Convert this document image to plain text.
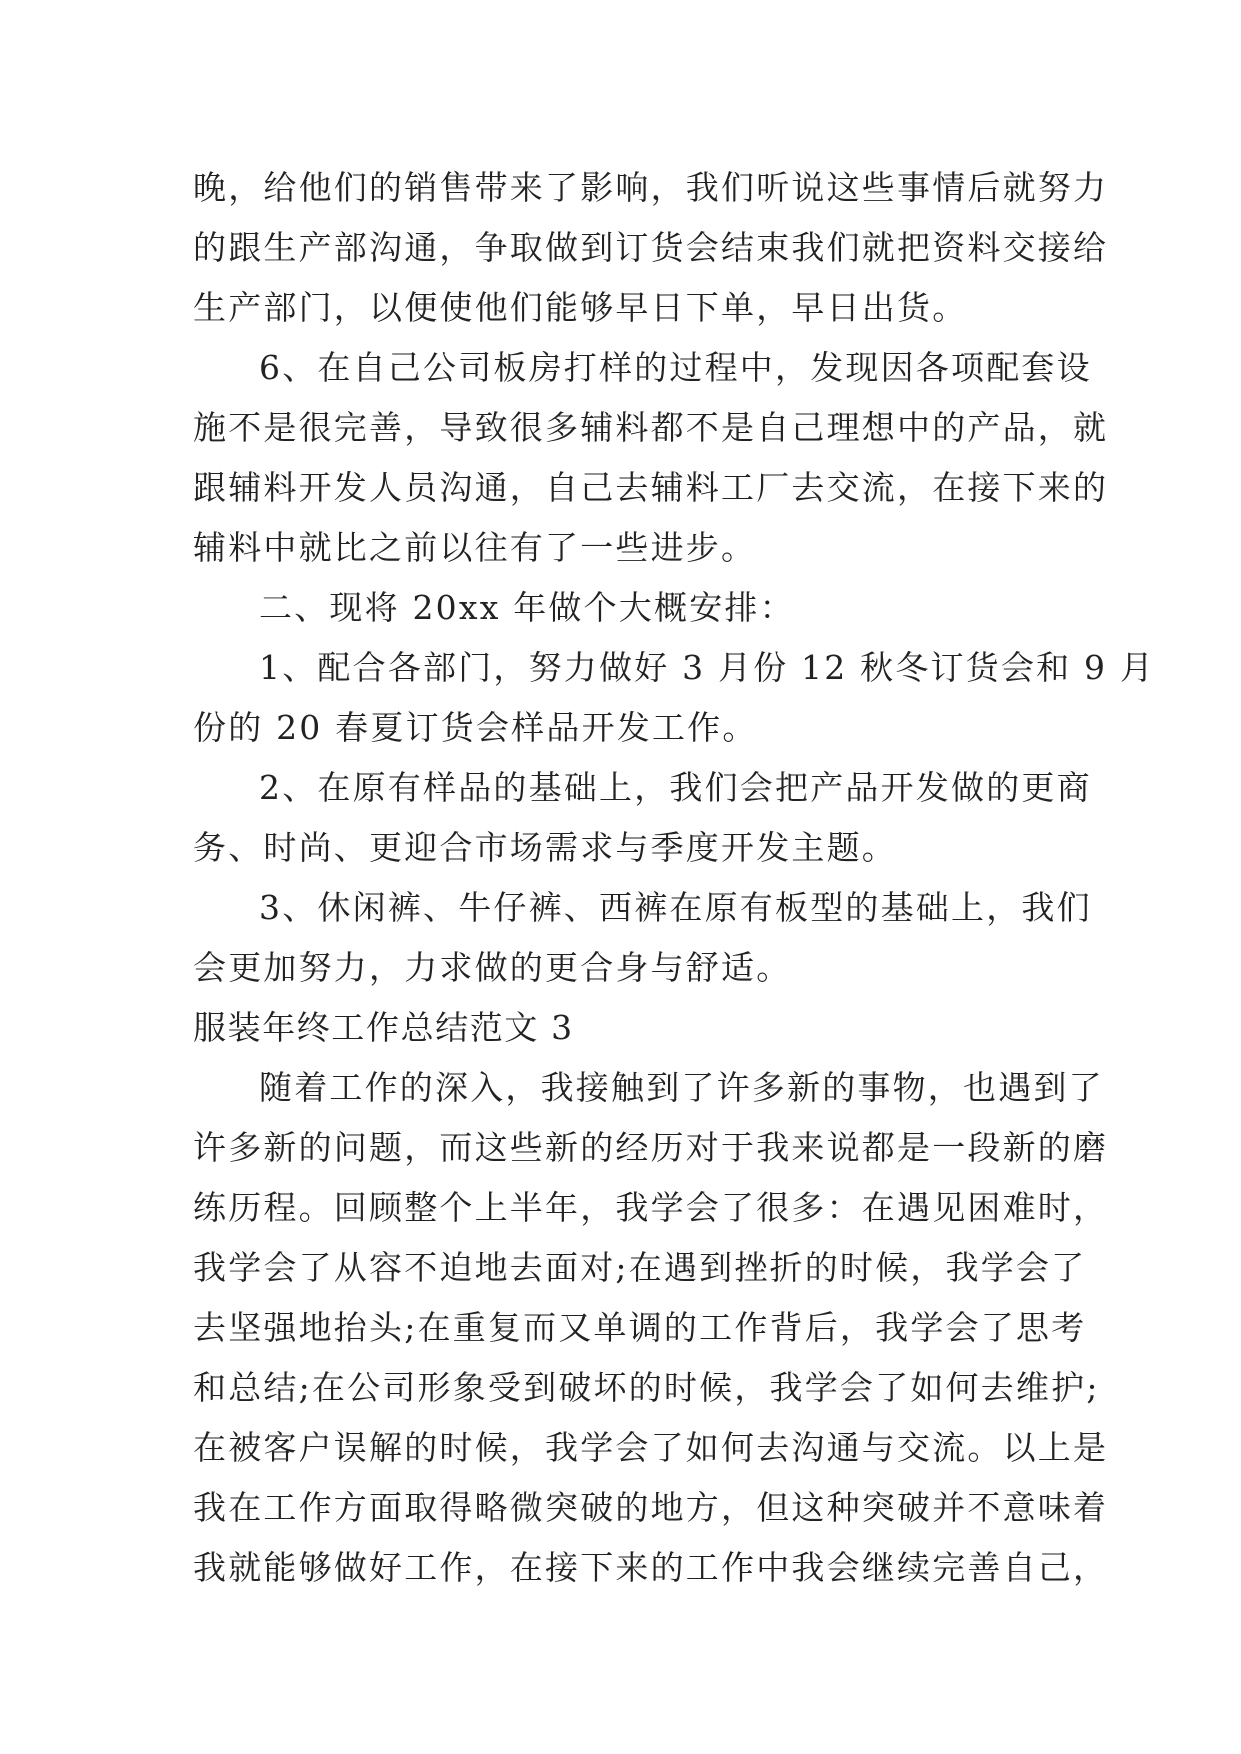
晚，给他们的销售带来了影响，我们听说这些事情后就努力
的跟生产部沟通，争取做到订货会结束我们就把资料交接给
生产部门，以便使他们能够早日下单，早日出货。
6、在自己公司板房打样的过程中，发现因各项配套设
施不是很完善，导致很多辅料都不是自己理想中的产品，就
跟辅料开发人员沟通，自己去辅料工厂去交流，在接下来的
辅料中就比之前以往有了一些进步。
二、现将 20xx 年做个大概安排：
1、配合各部门，努力做好 3 月份 12 秋冬订货会和 9 月
份的 20 春夏订货会样品开发工作。
2、在原有样品的基础上，我们会把产品开发做的更商
务、时尚、更迎合市场需求与季度开发主题。
3、休闲裤、牛仔裤、西裤在原有板型的基础上，我们
会更加努力，力求做的更合身与舒适。
服装年终工作总结范文 3
随着工作的深入，我接触到了许多新的事物，也遇到了
许多新的问题，而这些新的经历对于我来说都是一段新的磨
练历程。回顾整个上半年，我学会了很多：在遇见困难时，
我学会了从容不迫地去面对;在遇到挫折的时候，我学会了
去坚强地抬头;在重复而又单调的工作背后，我学会了思考
和总结;在公司形象受到破坏的时候，我学会了如何去维护;
在被客户误解的时候，我学会了如何去沟通与交流。以上是
我在工作方面取得略微突破的地方，但这种突破并不意味着
我就能够做好工作，在接下来的工作中我会继续完善自己，
